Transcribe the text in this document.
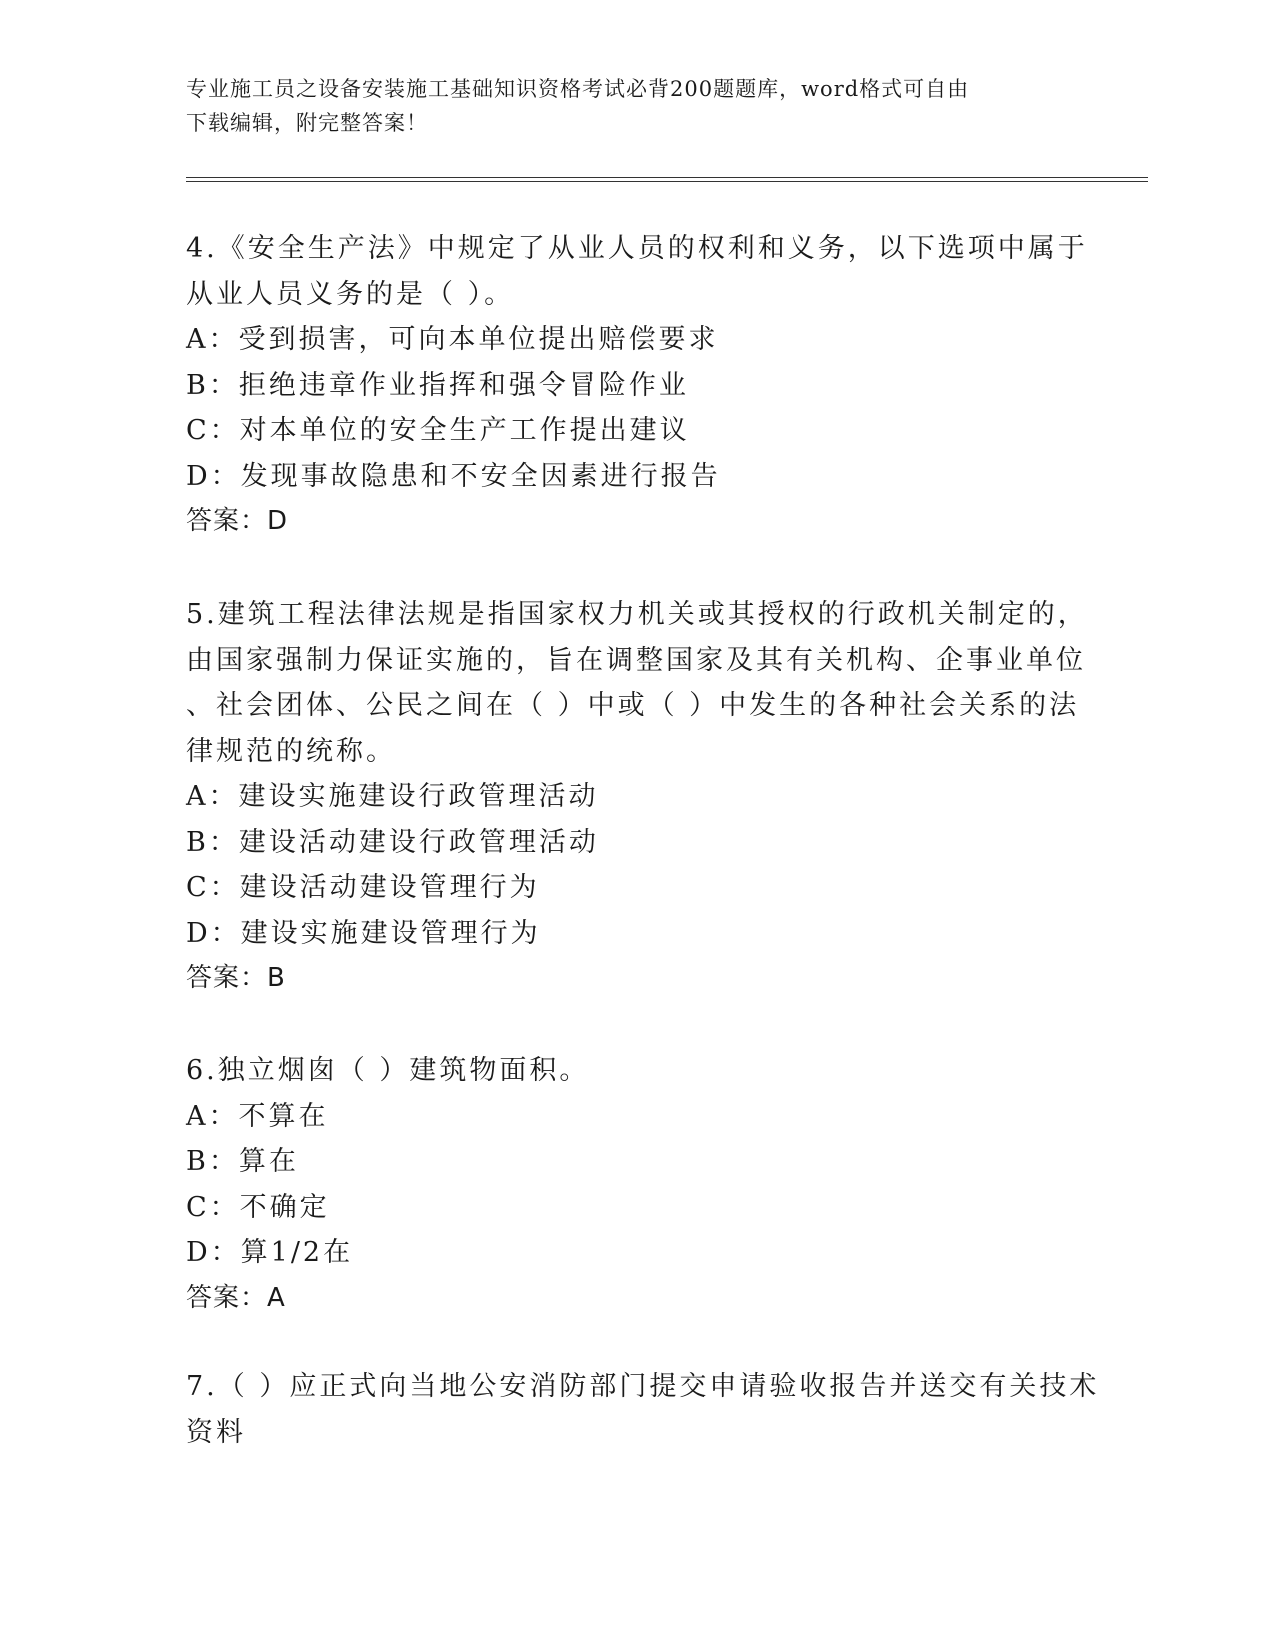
专业施工员之设备安装施工基础知识资格考试必背200题题库，word格式可自由
下载编辑，附完整答案！
4.《安全生产法》中规定了从业人员的权利和义务，以下选项中属于
从业人员义务的是（ ）。
A：受到损害，可向本单位提出赔偿要求
B：拒绝违章作业指挥和强令冒险作业
C：对本单位的安全生产工作提出建议
D：发现事故隐患和不安全因素进行报告
答案：D
5.建筑工程法律法规是指国家权力机关或其授权的行政机关制定的，
由国家强制力保证实施的，旨在调整国家及其有关机构、企事业单位
、社会团体、公民之间在（ ）中或（ ）中发生的各种社会关系的法
律规范的统称。
A：建设实施建设行政管理活动
B：建设活动建设行政管理活动
C：建设活动建设管理行为
D：建设实施建设管理行为
答案：B
6.独立烟囱（ ）建筑物面积。
A：不算在
B：算在
C：不确定
D：算1/2在
答案：A
7.（ ）应正式向当地公安消防部门提交申请验收报告并送交有关技术
资料
